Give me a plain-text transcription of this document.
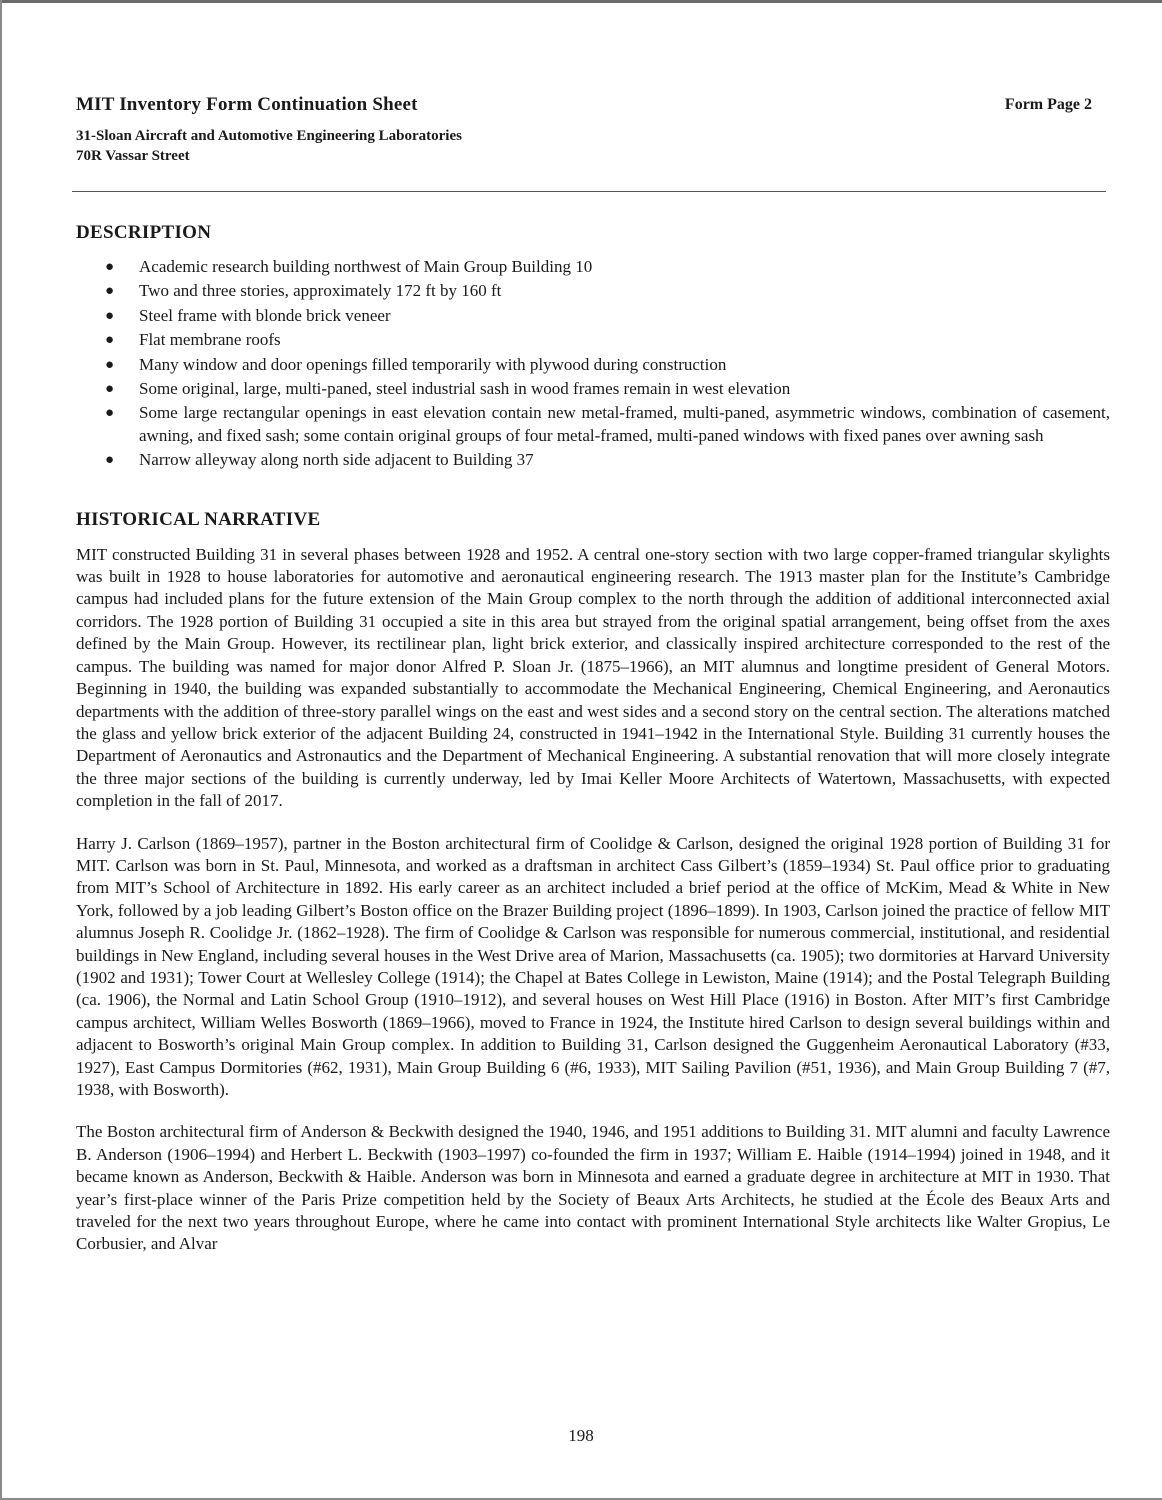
MIT Inventory Form Continuation Sheet	Form Page 2

31-Sloan Aircraft and Automotive Engineering Laboratories

70R Vassar Street

DESCRIPTION
● Academic research building northwest of Main Group Building 10
● Two and three stories, approximately 172 ft by 160 ft
● Steel frame with blonde brick veneer
● Flat membrane roofs
● Many window and door openings filled temporarily with plywood during construction
● Some original, large, multi-paned, steel industrial sash in wood frames remain in west elevation
● Some large rectangular openings in east elevation contain new metal-framed, multi-paned, asymmetric windows, combination of casement, awning, and fixed sash; some contain original groups of four metal-framed, multi-paned windows with fixed panes over awning sash
● Narrow alleyway along north side adjacent to Building 37
HISTORICAL NARRATIVE

MIT constructed Building 31 in several phases between 1928 and 1952. A central one-story section with two large copper-framed triangular skylights was built in 1928 to house laboratories for automotive and aeronautical engineering research. The 1913 master plan for the Institute’s Cambridge campus had included plans for the future extension of the Main Group complex to the north through the addition of additional interconnected axial corridors. The 1928 portion of Building 31 occupied a site in this area but strayed from the original spatial arrangement, being offset from the axes defined by the Main Group. However, its rectilinear plan, light brick exterior, and classically inspired architecture corresponded to the rest of the campus. The building was named for major donor Alfred P. Sloan Jr. (1875–1966), an MIT alumnus and longtime president of General Motors. Beginning in 1940, the building was expanded substantially to accommodate the Mechanical Engineering, Chemical Engineering, and Aeronautics departments with the addition of three-story parallel wings on the east and west sides and a second story on the central section. The alterations matched the glass and yellow brick exterior of the adjacent Building 24, constructed in 1941–1942 in the International Style. Building 31 currently houses the Department of Aeronautics and Astronautics and the Department of Mechanical Engineering. A substantial renovation that will more closely integrate the three major sections of the building is currently underway, led by Imai Keller Moore Architects of Watertown, Massachusetts, with expected completion in the fall of 2017.

Harry J. Carlson (1869–1957), partner in the Boston architectural firm of Coolidge & Carlson, designed the original 1928 portion of Building 31 for MIT. Carlson was born in St. Paul, Minnesota, and worked as a draftsman in architect Cass Gilbert’s (1859–1934) St. Paul office prior to graduating from MIT’s School of Architecture in 1892. His early career as an architect included a brief period at the office of McKim, Mead & White in New York, followed by a job leading Gilbert’s Boston office on the Brazer Building project (1896–1899). In 1903, Carlson joined the practice of fellow MIT alumnus Joseph R. Coolidge Jr. (1862–1928). The firm of Coolidge & Carlson was responsible for numerous commercial, institutional, and residential buildings in New England, including several houses in the West Drive area of Marion, Massachusetts (ca. 1905); two dormitories at Harvard University (1902 and 1931); Tower Court at Wellesley College (1914); the Chapel at Bates College in Lewiston, Maine (1914); and the Postal Telegraph Building (ca. 1906), the Normal and Latin School Group (1910–1912), and several houses on West Hill Place (1916) in Boston. After MIT’s first Cambridge campus architect, William Welles Bosworth (1869–1966), moved to France in 1924, the Institute hired Carlson to design several buildings within and adjacent to Bosworth’s original Main Group complex. In addition to Building 31, Carlson designed the Guggenheim Aeronautical Laboratory (#33, 1927), East Campus Dormitories (#62, 1931), Main Group Building 6 (#6, 1933), MIT Sailing Pavilion (#51, 1936), and Main Group Building 7 (#7, 1938, with Bosworth).

The Boston architectural firm of Anderson & Beckwith designed the 1940, 1946, and 1951 additions to Building 31. MIT alumni and faculty Lawrence B. Anderson (1906–1994) and Herbert L. Beckwith (1903–1997) co-founded the firm in 1937; William E. Haible (1914–1994) joined in 1948, and it became known as Anderson, Beckwith & Haible. Anderson was born in Minnesota and earned a graduate degree in architecture at MIT in 1930. That year’s first-place winner of the Paris Prize competition held by the Society of Beaux Arts Architects, he studied at the École des Beaux Arts and traveled for the next two years throughout Europe, where he came into contact with prominent International Style architects like Walter Gropius, Le Corbusier, and Alvar

198
